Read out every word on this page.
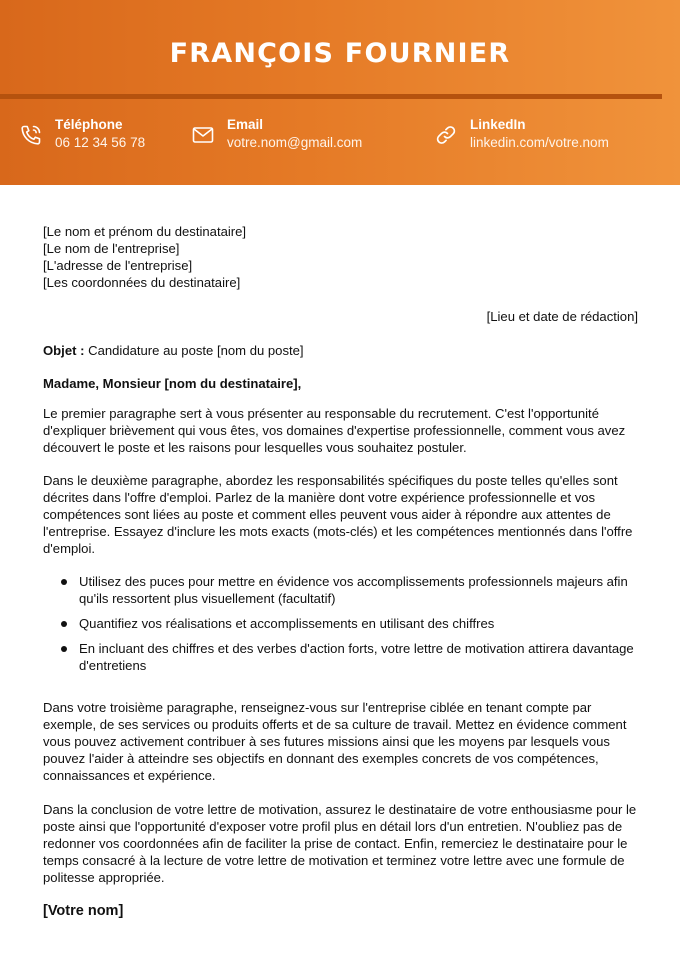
FRANÇOIS FOURNIER
Téléphone
06 12 34 56 78
Email
votre.nom@gmail.com
LinkedIn
linkedin.com/votre.nom

[Le nom et prénom du destinataire]

[Le nom de l'entreprise]

[L'adresse de l'entreprise]

[Les coordonnées du destinataire]

[Lieu et date de rédaction]
Objet : Candidature au poste [nom du poste]
Madame, Monsieur [nom du destinataire],

Le premier paragraphe sert à vous présenter au responsable du recrutement. C'est l'opportunité d'expliquer brièvement qui vous êtes, vos domaines d'expertise professionnelle, comment vous avez découvert le poste et les raisons pour lesquelles vous souhaitez postuler.

Dans le deuxième paragraphe, abordez les responsabilités spécifiques du poste telles qu'elles sont décrites dans l'offre d'emploi. Parlez de la manière dont votre expérience professionnelle et vos compétences sont liées au poste et comment elles peuvent vous aider à répondre aux attentes de l'entreprise. Essayez d'inclure les mots exacts (mots-clés) et les compétences mentionnés dans l'offre d'emploi.

Utilisez des puces pour mettre en évidence vos accomplissements professionnels majeurs afin qu'ils ressortent plus visuellement (facultatif)
Quantifiez vos réalisations et accomplissements en utilisant des chiffres
En incluant des chiffres et des verbes d'action forts, votre lettre de motivation attirera davantage d'entretiens

Dans votre troisième paragraphe, renseignez-vous sur l'entreprise ciblée en tenant compte par exemple, de ses services ou produits offerts et de sa culture de travail. Mettez en évidence comment vous pouvez activement contribuer à ses futures missions ainsi que les moyens par lesquels vous pouvez l'aider à atteindre ses objectifs en donnant des exemples concrets de vos compétences, connaissances et expérience.

Dans la conclusion de votre lettre de motivation, assurez le destinataire de votre enthousiasme pour le poste ainsi que l'opportunité d'exposer votre profil plus en détail lors d'un entretien. N'oubliez pas de redonner vos coordonnées afin de faciliter la prise de contact. Enfin, remerciez le destinataire pour le temps consacré à la lecture de votre lettre de motivation et terminez votre lettre avec une formule de politesse appropriée.

[Votre nom]
